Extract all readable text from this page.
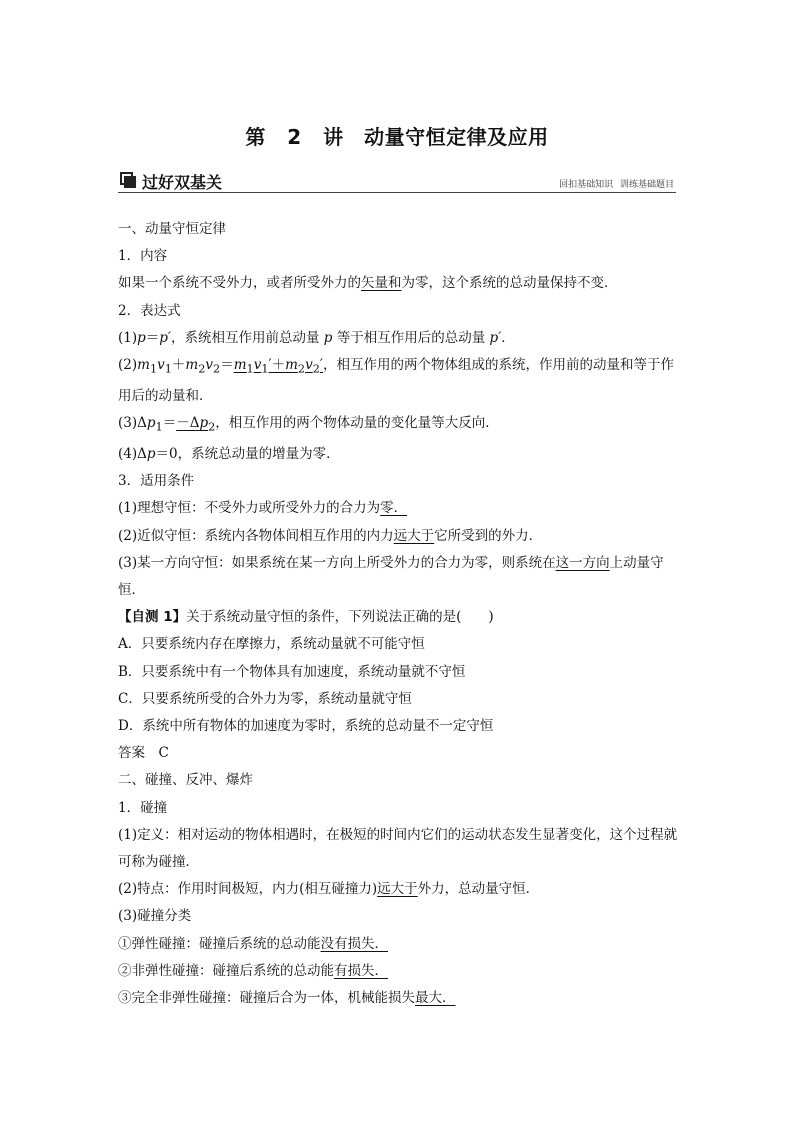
第 2 讲　动量守恒定律及应用
过好双基关	回扣基础知识 训练基础题目
一、动量守恒定律
1．内容
如果一个系统不受外力，或者所受外力的矢量和为零，这个系统的总动量保持不变．
2．表达式
(1)p＝p′，系统相互作用前总动量 p 等于相互作用后的总动量 p′．
$(2)m_1v_1+m_2v_2=m_1v_1'+m_2v_2'$，相互作用的两个物体组成的系统，作用前的动量和等于作用后的动量和．
$(3)\Delta p_1=-\Delta p_2$，相互作用的两个物体动量的变化量等大反向．
(4)Δp＝0，系统总动量的增量为零．
3．适用条件
(1)理想守恒：不受外力或所受外力的合力为零．
(2)近似守恒：系统内各物体间相互作用的内力远大于它所受到的外力．
(3)某一方向守恒：如果系统在某一方向上所受外力的合力为零，则系统在这一方向上动量守恒．
【自测 1】关于系统动量守恒的条件，下列说法正确的是(　　)
A．只要系统内存在摩擦力，系统动量就不可能守恒
B．只要系统中有一个物体具有加速度，系统动量就不守恒
C．只要系统所受的合外力为零，系统动量就守恒
D．系统中所有物体的加速度为零时，系统的总动量不一定守恒
答案　C
二、碰撞、反冲、爆炸
1．碰撞
(1)定义：相对运动的物体相遇时，在极短的时间内它们的运动状态发生显著变化，这个过程就可称为碰撞．
(2)特点：作用时间极短，内力(相互碰撞力)远大于外力，总动量守恒．
(3)碰撞分类
①弹性碰撞：碰撞后系统的总动能没有损失．
②非弹性碰撞：碰撞后系统的总动能有损失．
③完全非弹性碰撞：碰撞后合为一体，机械能损失最大．
